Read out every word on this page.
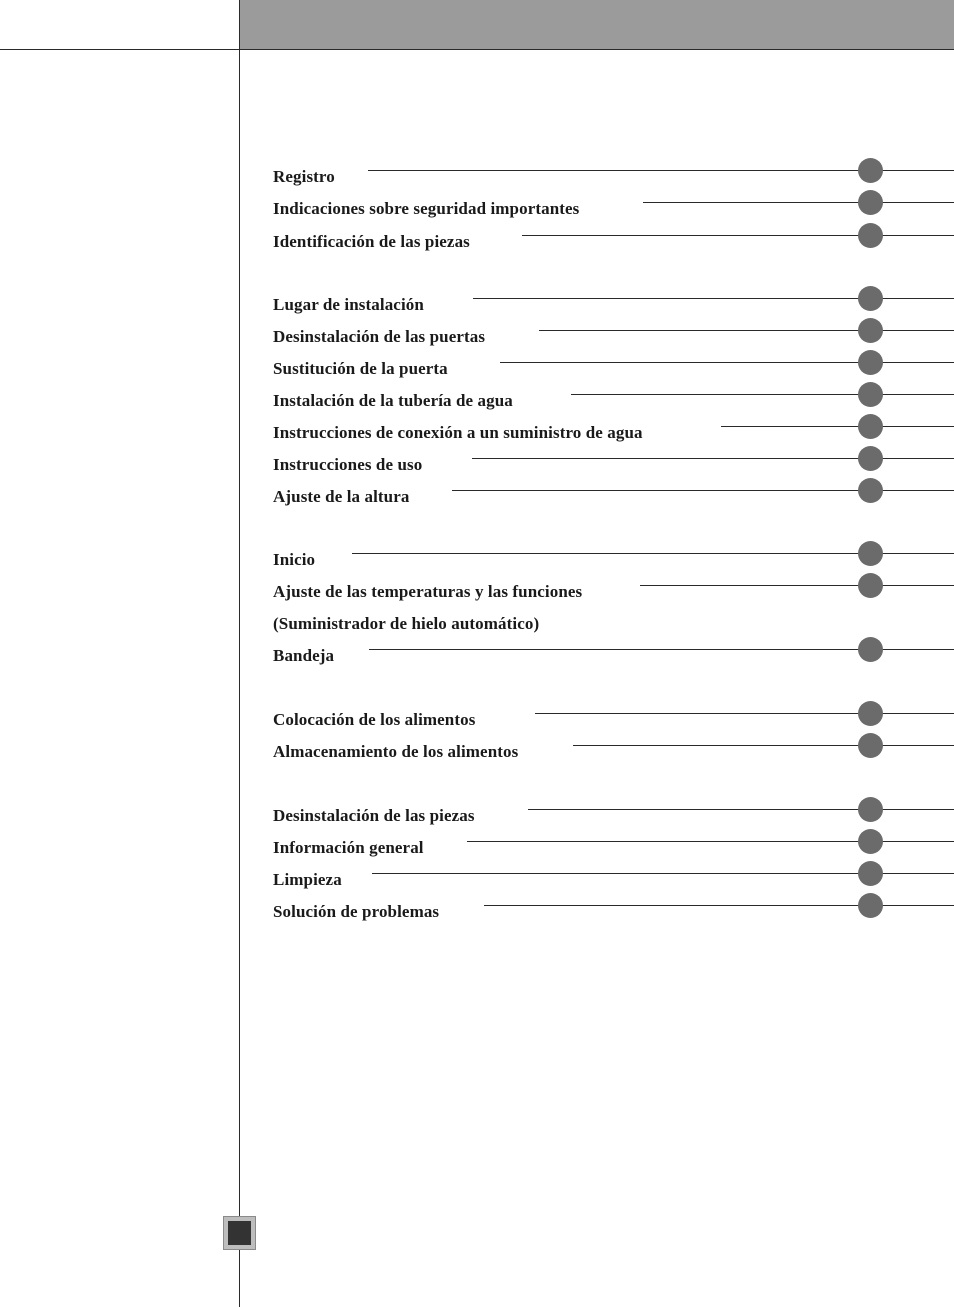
Registro
Indicaciones sobre seguridad importantes
Identificación de las piezas
Lugar de instalación
Desinstalación de las puertas
Sustitución de la puerta
Instalación de la tubería de agua
Instrucciones de conexión a un suministro de agua
Instrucciones de uso
Ajuste de la altura
Inicio
Ajuste de las temperaturas y las funciones
(Suministrador de hielo automático)
Bandeja
Colocación de los alimentos
Almacenamiento de los alimentos
Desinstalación de las piezas
Información general
Limpieza
Solución de problemas
